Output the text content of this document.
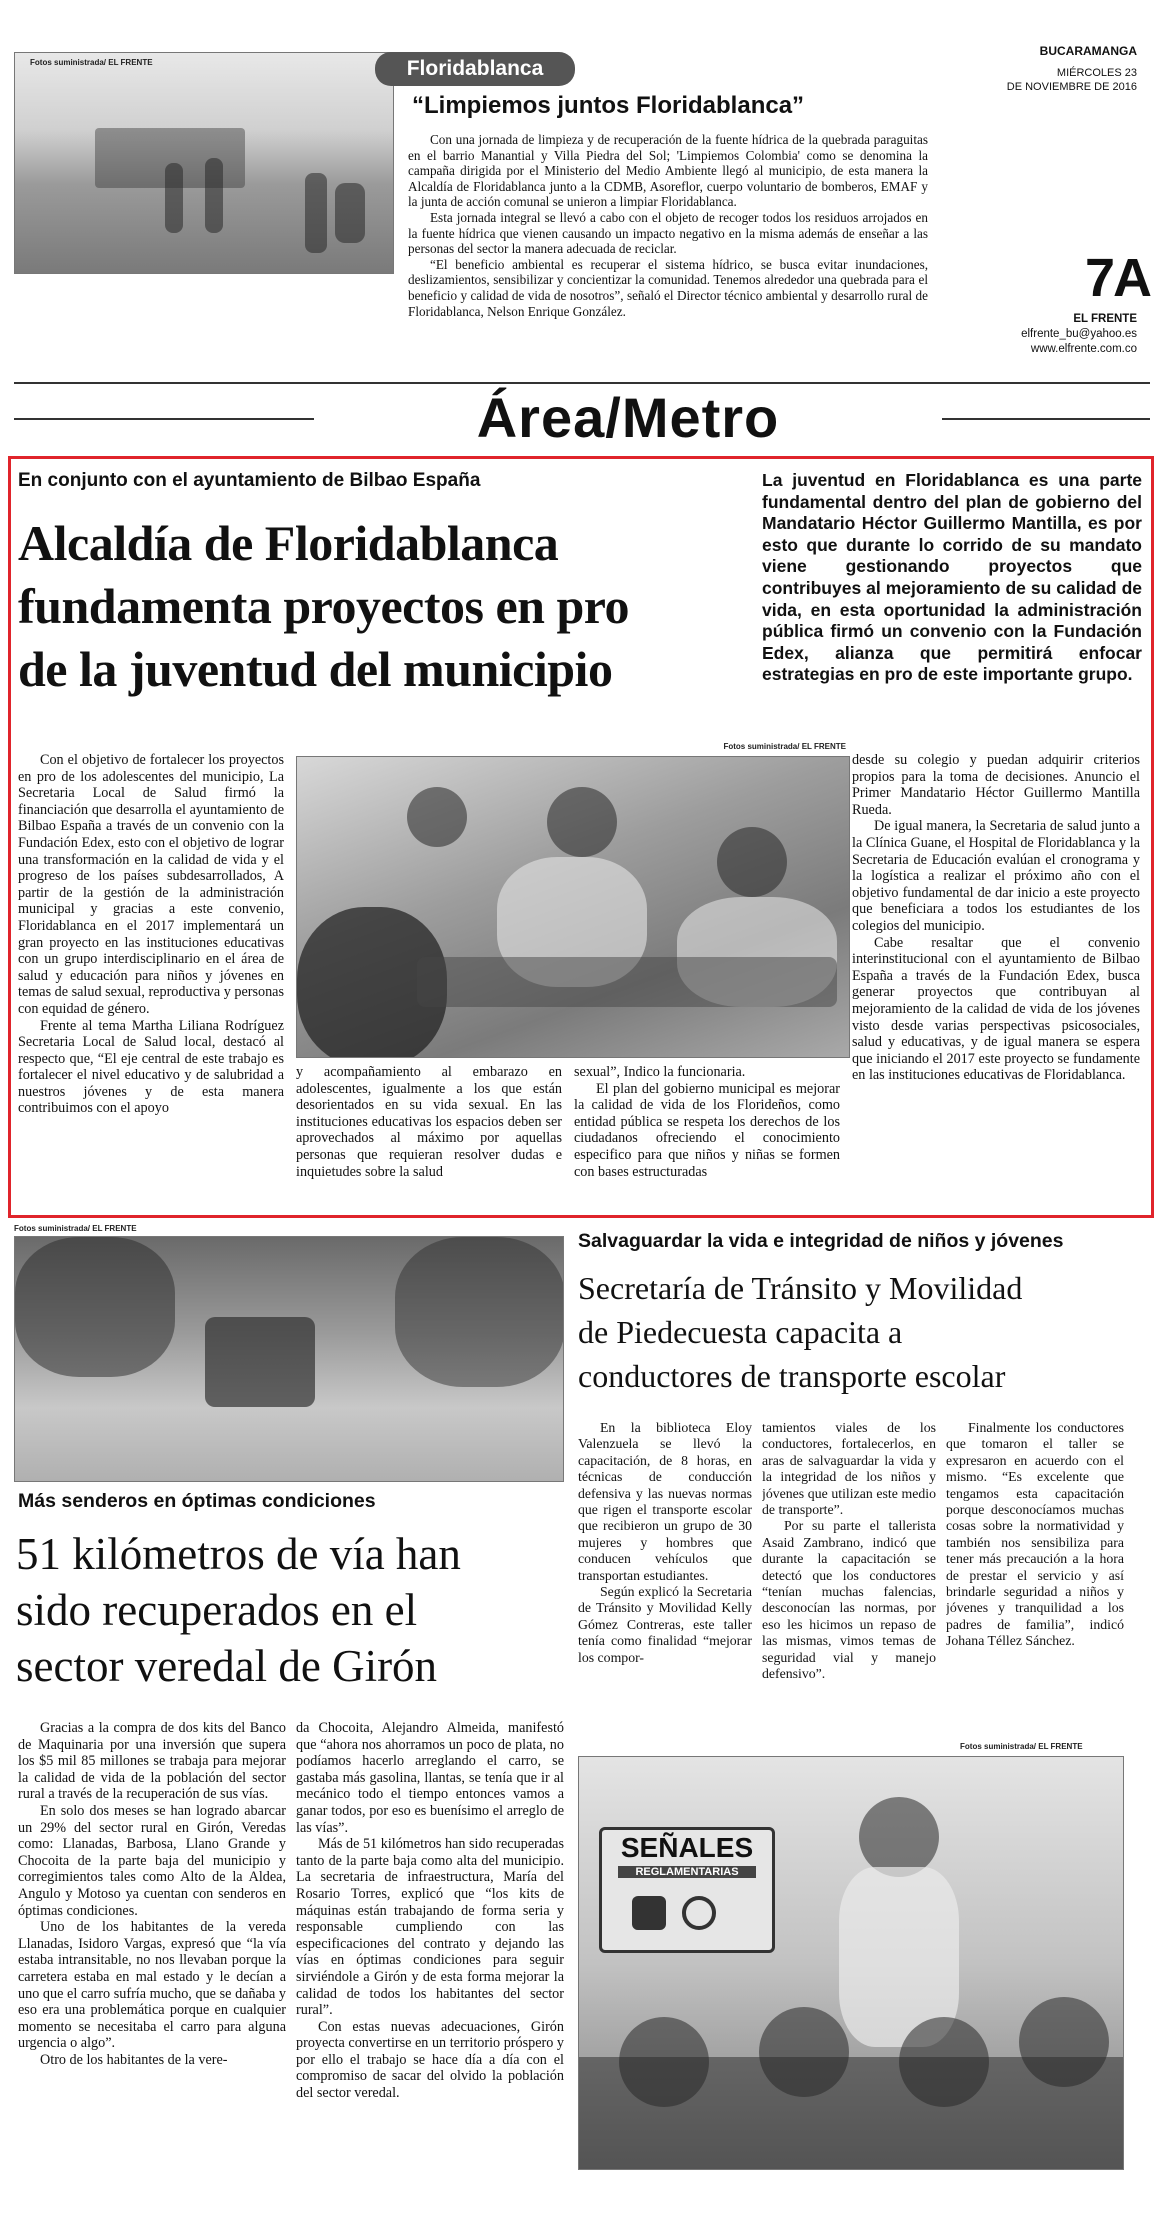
Fotos suministrada/ EL FRENTE	Floridablanca
“Limpiemos juntos Floridablanca”

Con una jornada de limpieza y de recuperación de la fuente hídrica de la quebrada paraguitas en el barrio Manantial y Villa Piedra del Sol; 'Limpiemos Colombia' como se denomina la campaña dirigida por el Ministerio del Medio Ambiente llegó al municipio, de esta manera la Alcaldía de Floridablanca junto a la CDMB, Asoreflor, cuerpo voluntario de bomberos, EMAF y la junta de acción comunal se unieron a limpiar Floridablanca.

Esta jornada integral se llevó a cabo con el objeto de recoger todos los residuos arrojados en la fuente hídrica que vienen causando un impacto negativo en la misma además de enseñar a las personas del sector la manera adecuada de reciclar.

“El beneficio ambiental es recuperar el sistema hídrico, se busca evitar inundaciones, deslizamientos, sensibilizar y concientizar la comunidad. Tenemos alrededor una quebrada para el beneficio y calidad de vida de nosotros”, señaló el Director técnico ambiental y desarrollo rural de Floridablanca, Nelson Enrique González.

BUCARAMANGA
MIÉRCOLES 23
DE NOVIEMBRE DE 2016
7A
EL FRENTE
elfrente_bu@yahoo.es
www.elfrente.com.co
Área/Metro
En conjunto con el ayuntamiento de Bilbao España
Alcaldía de Floridablanca
fundamenta proyectos en pro
de la juventud del municipio
La juventud en Floridablanca es una parte fundamental dentro del plan de gobierno del Mandatario Héctor Guillermo Mantilla, es por esto que durante lo corrido de su mandato viene gestionando proyectos que contribuyes al mejoramiento de su calidad de vida, en esta oportunidad la administración pública firmó un convenio con la Fundación Edex, alianza que permitirá enfocar estrategias en pro de este importante grupo.
Fotos suministrada/ EL FRENTE

Con el objetivo de fortalecer los proyectos en pro de los adolescentes del municipio, La Secretaria Local de Salud firmó la financiación que desarrolla el ayuntamiento de Bilbao España a través de un convenio con la Fundación Edex, esto con el objetivo de lograr una transformación en la calidad de vida y el progreso de los países subdesarrollados, A partir de la gestión de la administración municipal y gracias a este convenio, Floridablanca en el 2017 implementará un gran proyecto en las instituciones educativas con un grupo interdisciplinario en el área de salud y educación para niños y jóvenes en temas de salud sexual, reproductiva y personas con equidad de género.

Frente al tema Martha Liliana Rodríguez Secretaria Local de Salud local, destacó al respecto que, “El eje central de este trabajo es fortalecer el nivel educativo y de salubridad a nuestros jóvenes y de esta manera contribuimos con el apoyo

y acompañamiento al embarazo en adolescentes, igualmente a los que están desorientados en su vida sexual. En las instituciones educativas los espacios deben ser aprovechados al máximo por aquellas personas que requieran resolver dudas e inquietudes sobre la salud

sexual”, Indico la funcionaria.

El plan del gobierno municipal es mejorar la calidad de vida de los Florideños, como entidad pública se respeta los derechos de los ciudadanos ofreciendo el conocimiento especifico para que niños y niñas se formen con bases estructuradas

desde su colegio y puedan adquirir criterios propios para la toma de decisiones. Anuncio el Primer Mandatario Héctor Guillermo Mantilla Rueda.

De igual manera, la Secretaria de salud junto a la Clínica Guane, el Hospital de Floridablanca y la Secretaria de Educación evalúan el cronograma y la logística a realizar el próximo año con el objetivo fundamental de dar inicio a este proyecto que beneficiara a todos los estudiantes de los colegios del municipio.

Cabe resaltar que el convenio interinstitucional con el ayuntamiento de Bilbao España a través de la Fundación Edex, busca generar proyectos que contribuyan al mejoramiento de la calidad de vida de los jóvenes visto desde varias perspectivas psicosociales, salud y educativas, y de igual manera se espera que iniciando el 2017 este proyecto se fundamente en las instituciones educativas de Floridablanca.

Fotos suministrada/ EL FRENTE
Más senderos en óptimas condiciones
51 kilómetros de vía han
sido recuperados en el
sector veredal de Girón

Gracias a la compra de dos kits del Banco de Maquinaria por una inversión que supera los $5 mil 85 millones se trabaja para mejorar la calidad de vida de la población del sector rural a través de la recuperación de sus vías.

En solo dos meses se han logrado abarcar un 29% del sector rural en Girón, Veredas como: Llanadas, Barbosa, Llano Grande y Chocoita de la parte baja del municipio y corregimientos tales como Alto de la Aldea, Angulo y Motoso ya cuentan con senderos en óptimas condiciones.

Uno de los habitantes de la vereda Llanadas, Isidoro Vargas, expresó que “la vía estaba intransitable, no nos llevaban porque la carretera estaba en mal estado y le decían a uno que el carro sufría mucho, que se dañaba y eso era una problemática porque en cualquier momento se necesitaba el carro para alguna urgencia o algo”.

Otro de los habitantes de la vere-

da Chocoita, Alejandro Almeida, manifestó que “ahora nos ahorramos un poco de plata, no podíamos hacerlo arreglando el carro, se gastaba más gasolina, llantas, se tenía que ir al mecánico todo el tiempo entonces vamos a ganar todos, por eso es buenísimo el arreglo de las vías”.

Más de 51 kilómetros han sido recuperadas tanto de la parte baja como alta del municipio. La secretaria de infraestructura, María del Rosario Torres, explicó que “los kits de máquinas están trabajando de forma seria y responsable cumpliendo con las especificaciones del contrato y dejando las vías en óptimas condiciones para seguir sirviéndole a Girón y de esta forma mejorar la calidad de todos los habitantes del sector rural”.

Con estas nuevas adecuaciones, Girón proyecta convertirse en un territorio próspero y por ello el trabajo se hace día a día con el compromiso de sacar del olvido la población del sector veredal.

Salvaguardar la vida e integridad de niños y jóvenes
Secretaría de Tránsito y Movilidad
de Piedecuesta capacita a
conductores de transporte escolar

En la biblioteca Eloy Valenzuela se llevó la capacitación, de 8 horas, en técnicas de conducción defensiva y las nuevas normas que rigen el transporte escolar que recibieron un grupo de 30 mujeres y hombres que conducen vehículos que transportan estudiantes.

Según explicó la Secretaria de Tránsito y Movilidad Kelly Gómez Contreras, este taller tenía como finalidad “mejorar los compor-

tamientos viales de los conductores, fortalecerlos, en aras de salvaguardar la vida y la integridad de los niños y jóvenes que utilizan este medio de transporte”.

Por su parte el tallerista Asaid Zambrano, indicó que durante la capacitación se detectó que los conductores “tenían muchas falencias, desconocían las normas, por eso les hicimos un repaso de las mismas, vimos temas de seguridad vial y manejo defensivo”.

Finalmente los conductores que tomaron el taller se expresaron en acuerdo con el mismo. “Es excelente que tengamos esta capacitación porque desconocíamos muchas cosas sobre la normatividad y también nos sensibiliza para tener más precaución a la hora de prestar el servicio y así brindarle seguridad a niños y jóvenes y tranquilidad a los padres de familia”, indicó Johana Téllez Sánchez.

Fotos suministrada/ EL FRENTE
SEÑALES
REGLAMENTARIAS
